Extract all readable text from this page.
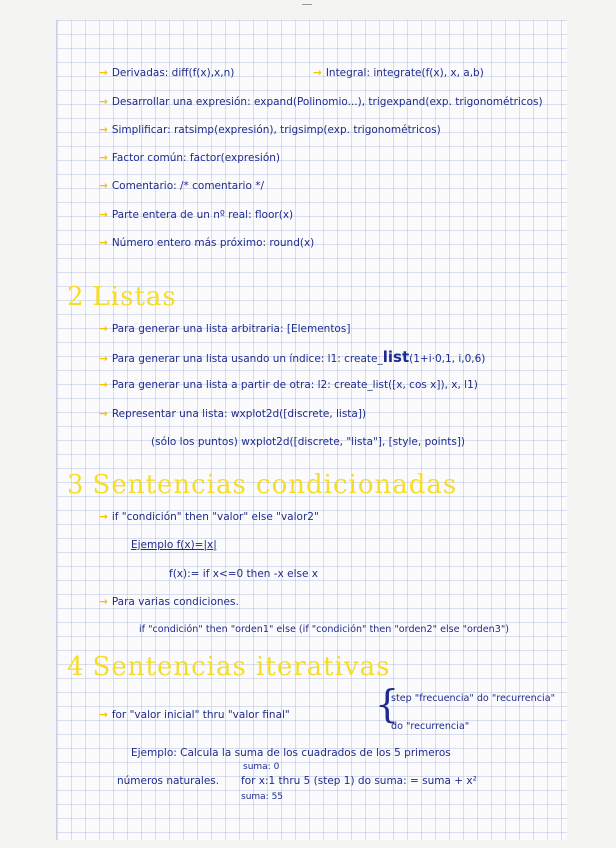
→ Derivadas: diff(f(x),x,n)	→ Integral: integrate(f(x), x, a,b)
→ Desarrollar una expresión: expand(Polinomio...), trigexpand(exp. trigonométricos)
→ Simplificar: ratsimp(expresión), trigsimp(exp. trigonométricos)
→ Factor común: factor(expresión)
→ Comentario: /* comentario */
→ Parte entera de un nº real: floor(x)
→ Número entero más próximo: round(x)
2 Listas
→ Para generar una lista arbitraria: [Elementos]
→ Para generar una lista usando un índice: l1: create_list(1+i·0,1, i,0,6)
→ Para generar una lista a partir de otra: l2: create_list([x, cos x]), x, l1)
→ Representar una lista: wxplot2d([discrete, lista])
(sólo los puntos) wxplot2d([discrete, "lista"], [style, points])
3 Sentencias condicionadas
→ if "condición" then "valor" else "valor2"
Ejemplo f(x)=|x|
f(x):= if x<=0 then -x else x
→ Para varias condiciones.
if "condición" then "orden1" else (if "condición" then "orden2" else "orden3")
4 Sentencias iterativas
→ for "valor inicial" thru "valor final" {
step "frecuencia" do "recurrencia"
do "recurrencia"
Ejemplo: Calcula la suma de los cuadrados de los 5 primeros
suma: 0
números naturales. for x:1 thru 5 (step 1) do suma: = suma + x²
suma: 55
